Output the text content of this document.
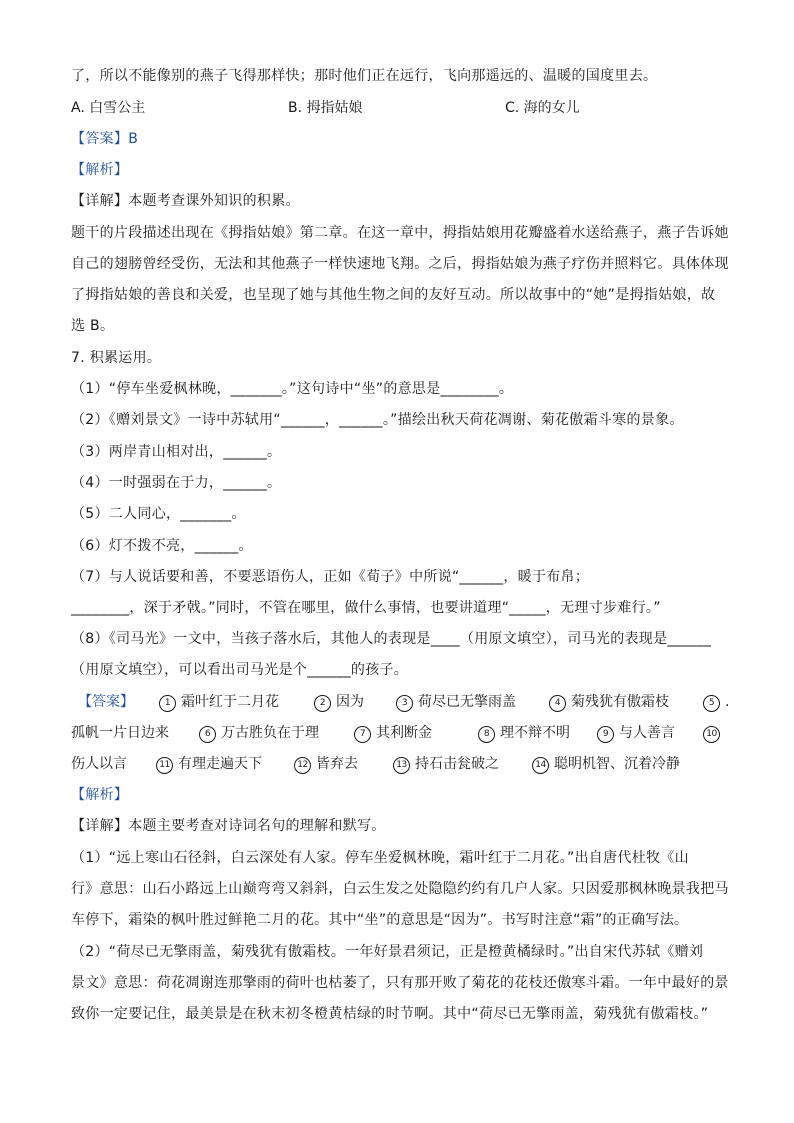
了，所以不能像别的燕子飞得那样快；那时他们正在远行，飞向那遥远的、温暖的国度里去。
A. 白雪公主	B. 拇指姑娘	C. 海的女儿
【答案】B
【解析】
【详解】本题考查课外知识的积累。
题干的片段描述出现在《拇指姑娘》第二章。在这一章中，拇指姑娘用花瓣盛着水送给燕子，燕子告诉她
自己的翅膀曾经受伤，无法和其他燕子一样快速地飞翔。之后，拇指姑娘为燕子疗伤并照料它。具体体现
了拇指姑娘的善良和关爱，也呈现了她与其他生物之间的友好互动。所以故事中的“她”是拇指姑娘，故
选 B。
7. 积累运用。
（1）“停车坐爱枫林晚，_______。”这句诗中“坐”的意思是________。
（2）《赠刘景文》一诗中苏轼用“______，______。”描绘出秋天荷花凋谢、菊花傲霜斗寒的景象。
（3）两岸青山相对出，______。
（4）一时强弱在于力，______。
（5）二人同心，_______。
（6）灯不拨不亮，______。
（7）与人说话要和善，不要恶语伤人，正如《荀子》中所说“______，暖于布帛；
________，深于矛戟。”同时，不管在哪里，做什么事情，也要讲道理“_____，无理寸步难行。”
（8）《司马光》一文中，当孩子落水后，其他人的表现是____（用原文填空），司马光的表现是______
（用原文填空），可以看出司马光是个______的孩子。
【答案】	1 霜叶红于二月花	2 因为	3 荷尽已无擎雨盖	4 菊残犹有傲霜枝	5 .
孤帆一片日边来	6 万古胜负在于理	7 其利断金	8 理不辩不明	9 与人善言	10
伤人以言	11 有理走遍天下	12 皆弃去	13 持石击瓮破之	14 聪明机智、沉着冷静
【解析】
【详解】本题主要考查对诗词名句的理解和默写。
（1）“远上寒山石径斜，白云深处有人家。停车坐爱枫林晚，霜叶红于二月花。”出自唐代杜牧《山
行》意思：山石小路远上山巅弯弯又斜斜，白云生发之处隐隐约约有几户人家。只因爱那枫林晚景我把马
车停下，霜染的枫叶胜过鲜艳二月的花。其中“坐”的意思是“因为”。书写时注意“霜”的正确写法。
（2）“荷尽已无擎雨盖，菊残犹有傲霜枝。一年好景君须记，正是橙黄橘绿时。”出自宋代苏轼《赠刘
景文》意思：荷花凋谢连那擎雨的荷叶也枯萎了，只有那开败了菊花的花枝还傲寒斗霜。一年中最好的景
致你一定要记住，最美景是在秋末初冬橙黄桔绿的时节啊。其中“荷尽已无擎雨盖，菊残犹有傲霜枝。”
